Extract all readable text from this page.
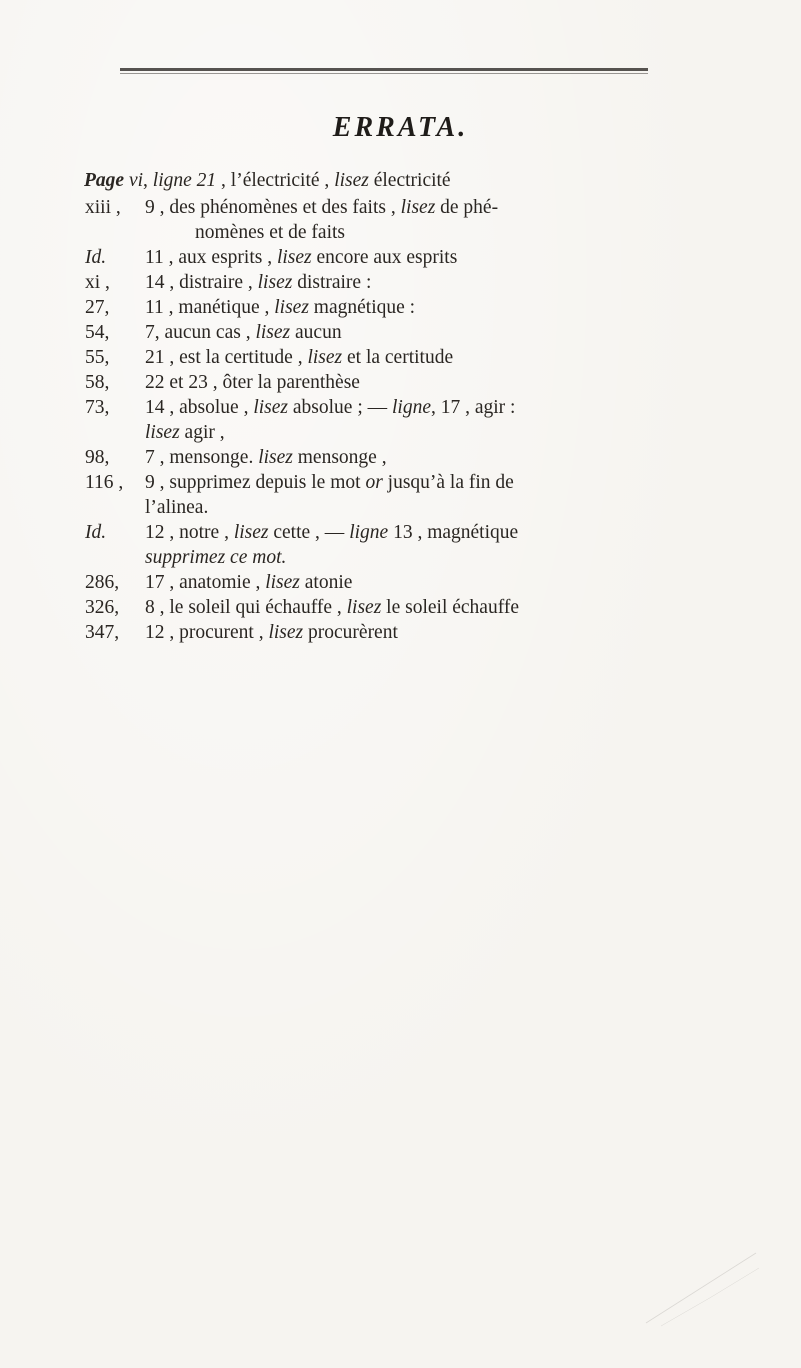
ERRATA.
Page vi, ligne 21 , l’électricité , lisez électricité
xiii ,	9 , des phénomènes et des faits , lisez de phé-
nomènes et de faits
Id.	11 , aux esprits , lisez encore aux esprits
xi ,	14 , distraire , lisez distraire :
27,	11 , manétique , lisez magnétique :
54,	7, aucun cas , lisez aucun
55,	21 , est la certitude , lisez et la certitude
58,	22 et 23 , ôter la parenthèse
73,	14 , absolue , lisez absolue ; — ligne, 17 , agir :
lisez agir ,
98,	7 , mensonge. lisez mensonge ,
116 ,	9 , supprimez depuis le mot or jusqu’à la fin de
l’alinea.
Id.	12 , notre , lisez cette , — ligne 13 , magnétique
supprimez ce mot.
286,	17 , anatomie , lisez atonie
326,	8 , le soleil qui échauffe , lisez le soleil échauffe
347,	12 , procurent , lisez procurèrent
